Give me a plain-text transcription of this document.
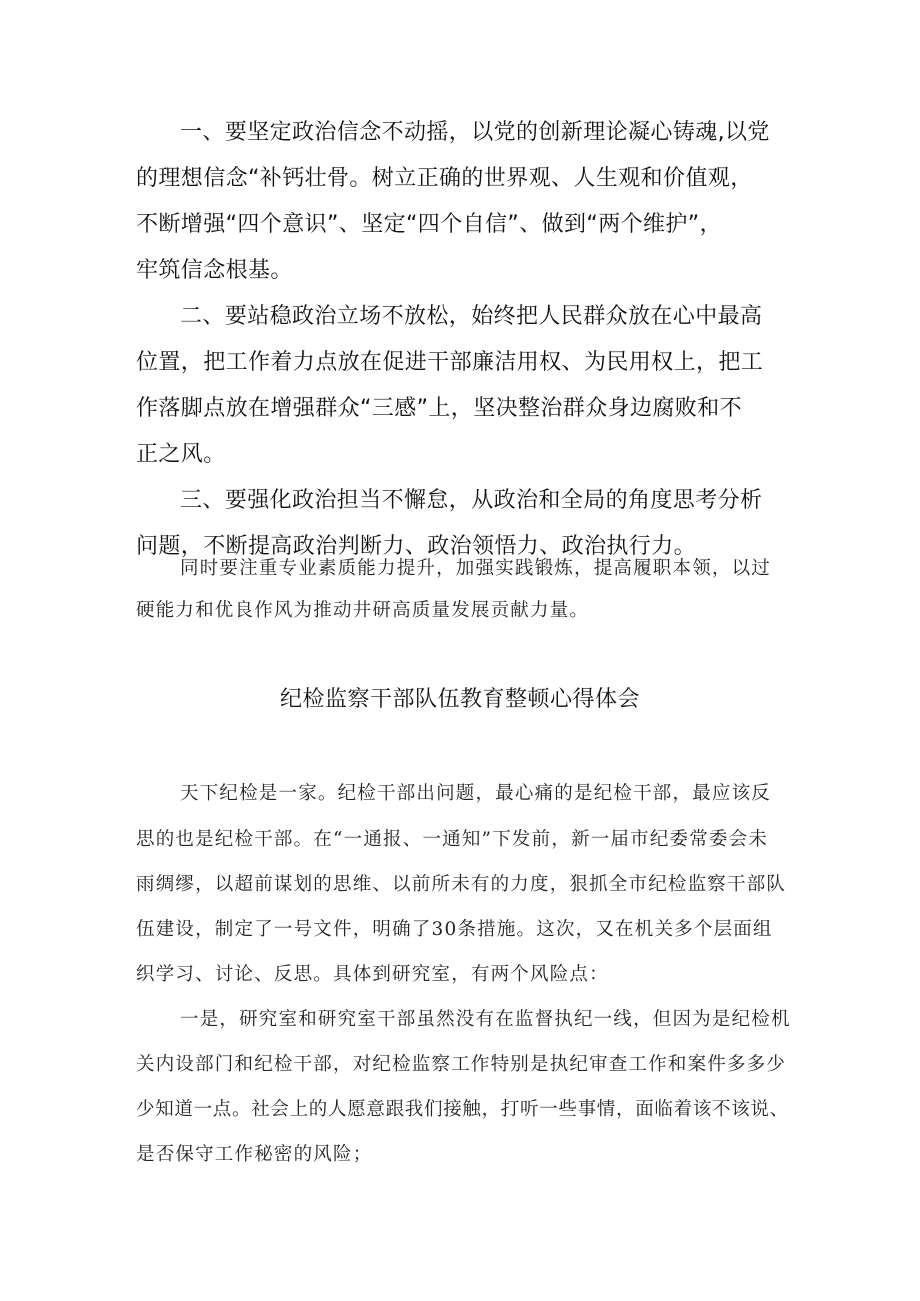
一、要坚定政治信念不动摇，以党的创新理论凝心铸魂,以党

的理想信念“补钙壮骨。树立正确的世界观、人生观和价值观，

不断增强“四个意识”、坚定“四个自信”、做到“两个维护”，

牢筑信念根基。

二、要站稳政治立场不放松，始终把人民群众放在心中最高

位置，把工作着力点放在促进干部廉洁用权、为民用权上，把工

作落脚点放在增强群众“三感”上，坚决整治群众身边腐败和不

正之风。

三、要强化政治担当不懈怠，从政治和全局的角度思考分析

问题，不断提高政治判断力、政治领悟力、政治执行力。

同时要注重专业素质能力提升，加强实践锻炼，提高履职本领，以过

硬能力和优良作风为推动井研高质量发展贡献力量。

纪检监察干部队伍教育整顿心得体会

天下纪检是一家。纪检干部出问题，最心痛的是纪检干部，最应该反

思的也是纪检干部。在“一通报、一通知”下发前，新一届市纪委常委会未

雨绸缪，以超前谋划的思维、以前所未有的力度，狠抓全市纪检监察干部队

伍建设，制定了一号文件，明确了30条措施。这次，又在机关多个层面组

织学习、讨论、反思。具体到研究室，有两个风险点：

一是，研究室和研究室干部虽然没有在监督执纪一线，但因为是纪检机

关内设部门和纪检干部，对纪检监察工作特别是执纪审查工作和案件多多少

少知道一点。社会上的人愿意跟我们接触，打听一些事情，面临着该不该说、

是否保守工作秘密的风险；
